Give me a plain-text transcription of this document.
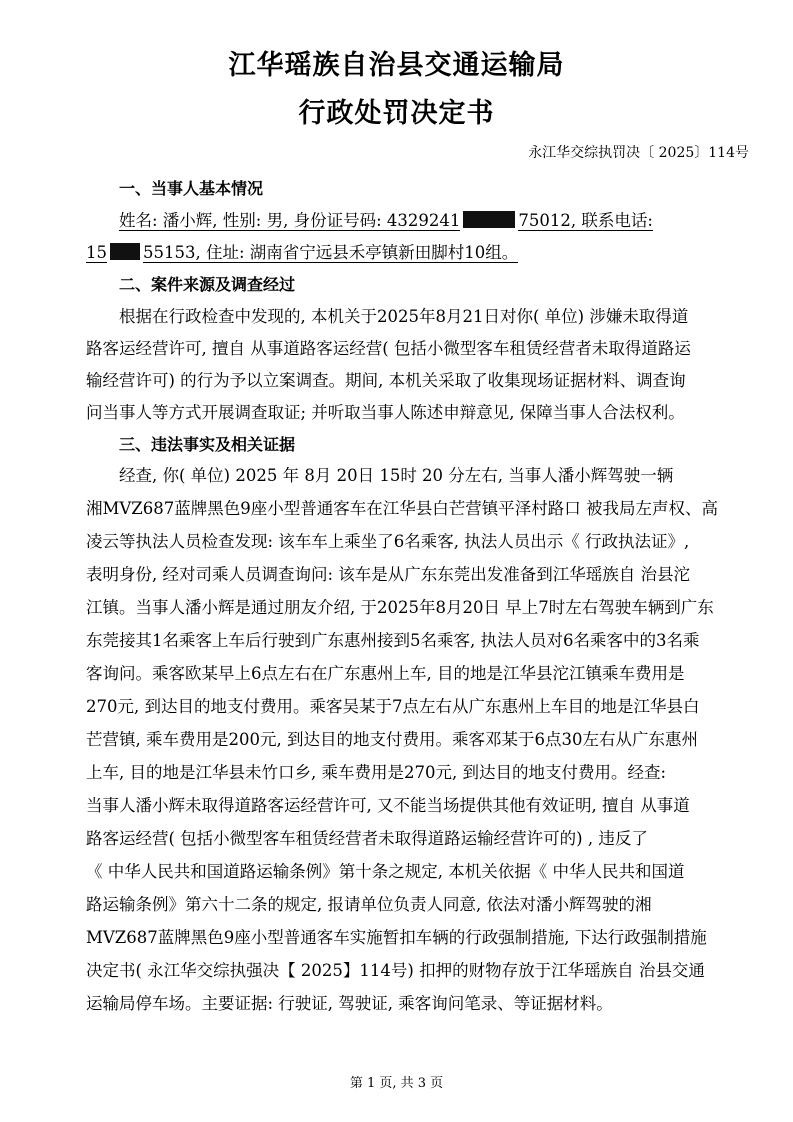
江华瑶族自治县交通运输局
行政处罚决定书
永江华交综执罚决〔 2025〕114号
一、当事人基本情况
姓名: 潘小辉, 性别: 男, 身份证号码: 4329241	75012, 联系电话:
15 55153, 住址: 湖南省宁远县禾亭镇新田脚村10组。
二、案件来源及调查经过
根据在行政检查中发现的, 本机关于2025年8月21日对你( 单位) 涉嫌未取得道
路客运经营许可, 擅自 从事道路客运经营( 包括小微型客车租赁经营者未取得道路运
输经营许可) 的行为予以立案调查。期间, 本机关采取了收集现场证据材料、调查询
问当事人等方式开展调查取证; 并听取当事人陈述申辩意见, 保障当事人合法权利。
三、违法事实及相关证据
经查, 你( 单位) 2025 年 8月 20日 15时 20 分左右, 当事人潘小辉驾驶一辆
湘MVZ687蓝牌黑色9座小型普通客车在江华县白芒营镇平泽村路口 被我局左声权、高
凌云等执法人员检查发现: 该车车上乘坐了6名乘客, 执法人员出示《 行政执法证》,
表明身份, 经对司乘人员调查询问: 该车是从广东东莞出发准备到江华瑶族自 治县沱
江镇。当事人潘小辉是通过朋友介绍, 于2025年8月20日 早上7时左右驾驶车辆到广东
东莞接其1名乘客上车后行驶到广东惠州接到5名乘客, 执法人员对6名乘客中的3名乘
客询问。乘客欧某早上6点左右在广东惠州上车, 目的地是江华县沱江镇乘车费用是
270元, 到达目的地支付费用。乘客吴某于7点左右从广东惠州上车目的地是江华县白
芒营镇, 乘车费用是200元, 到达目的地支付费用。乘客邓某于6点30左右从广东惠州
上车, 目的地是江华县未竹口乡, 乘车费用是270元, 到达目的地支付费用。经查:
当事人潘小辉未取得道路客运经营许可, 又不能当场提供其他有效证明, 擅自 从事道
路客运经营( 包括小微型客车租赁经营者未取得道路运输经营许可的) , 违反了
《 中华人民共和国道路运输条例》第十条之规定, 本机关依据《 中华人民共和国道
路运输条例》第六十二条的规定, 报请单位负责人同意, 依法对潘小辉驾驶的湘
MVZ687蓝牌黑色9座小型普通客车实施暂扣车辆的行政强制措施, 下达行政强制措施
决定书( 永江华交综执强决【 2025】114号) 扣押的财物存放于江华瑶族自 治县交通
运输局停车场。主要证据: 行驶证, 驾驶证, 乘客询问笔录、等证据材料。
第 1 页, 共 3 页
